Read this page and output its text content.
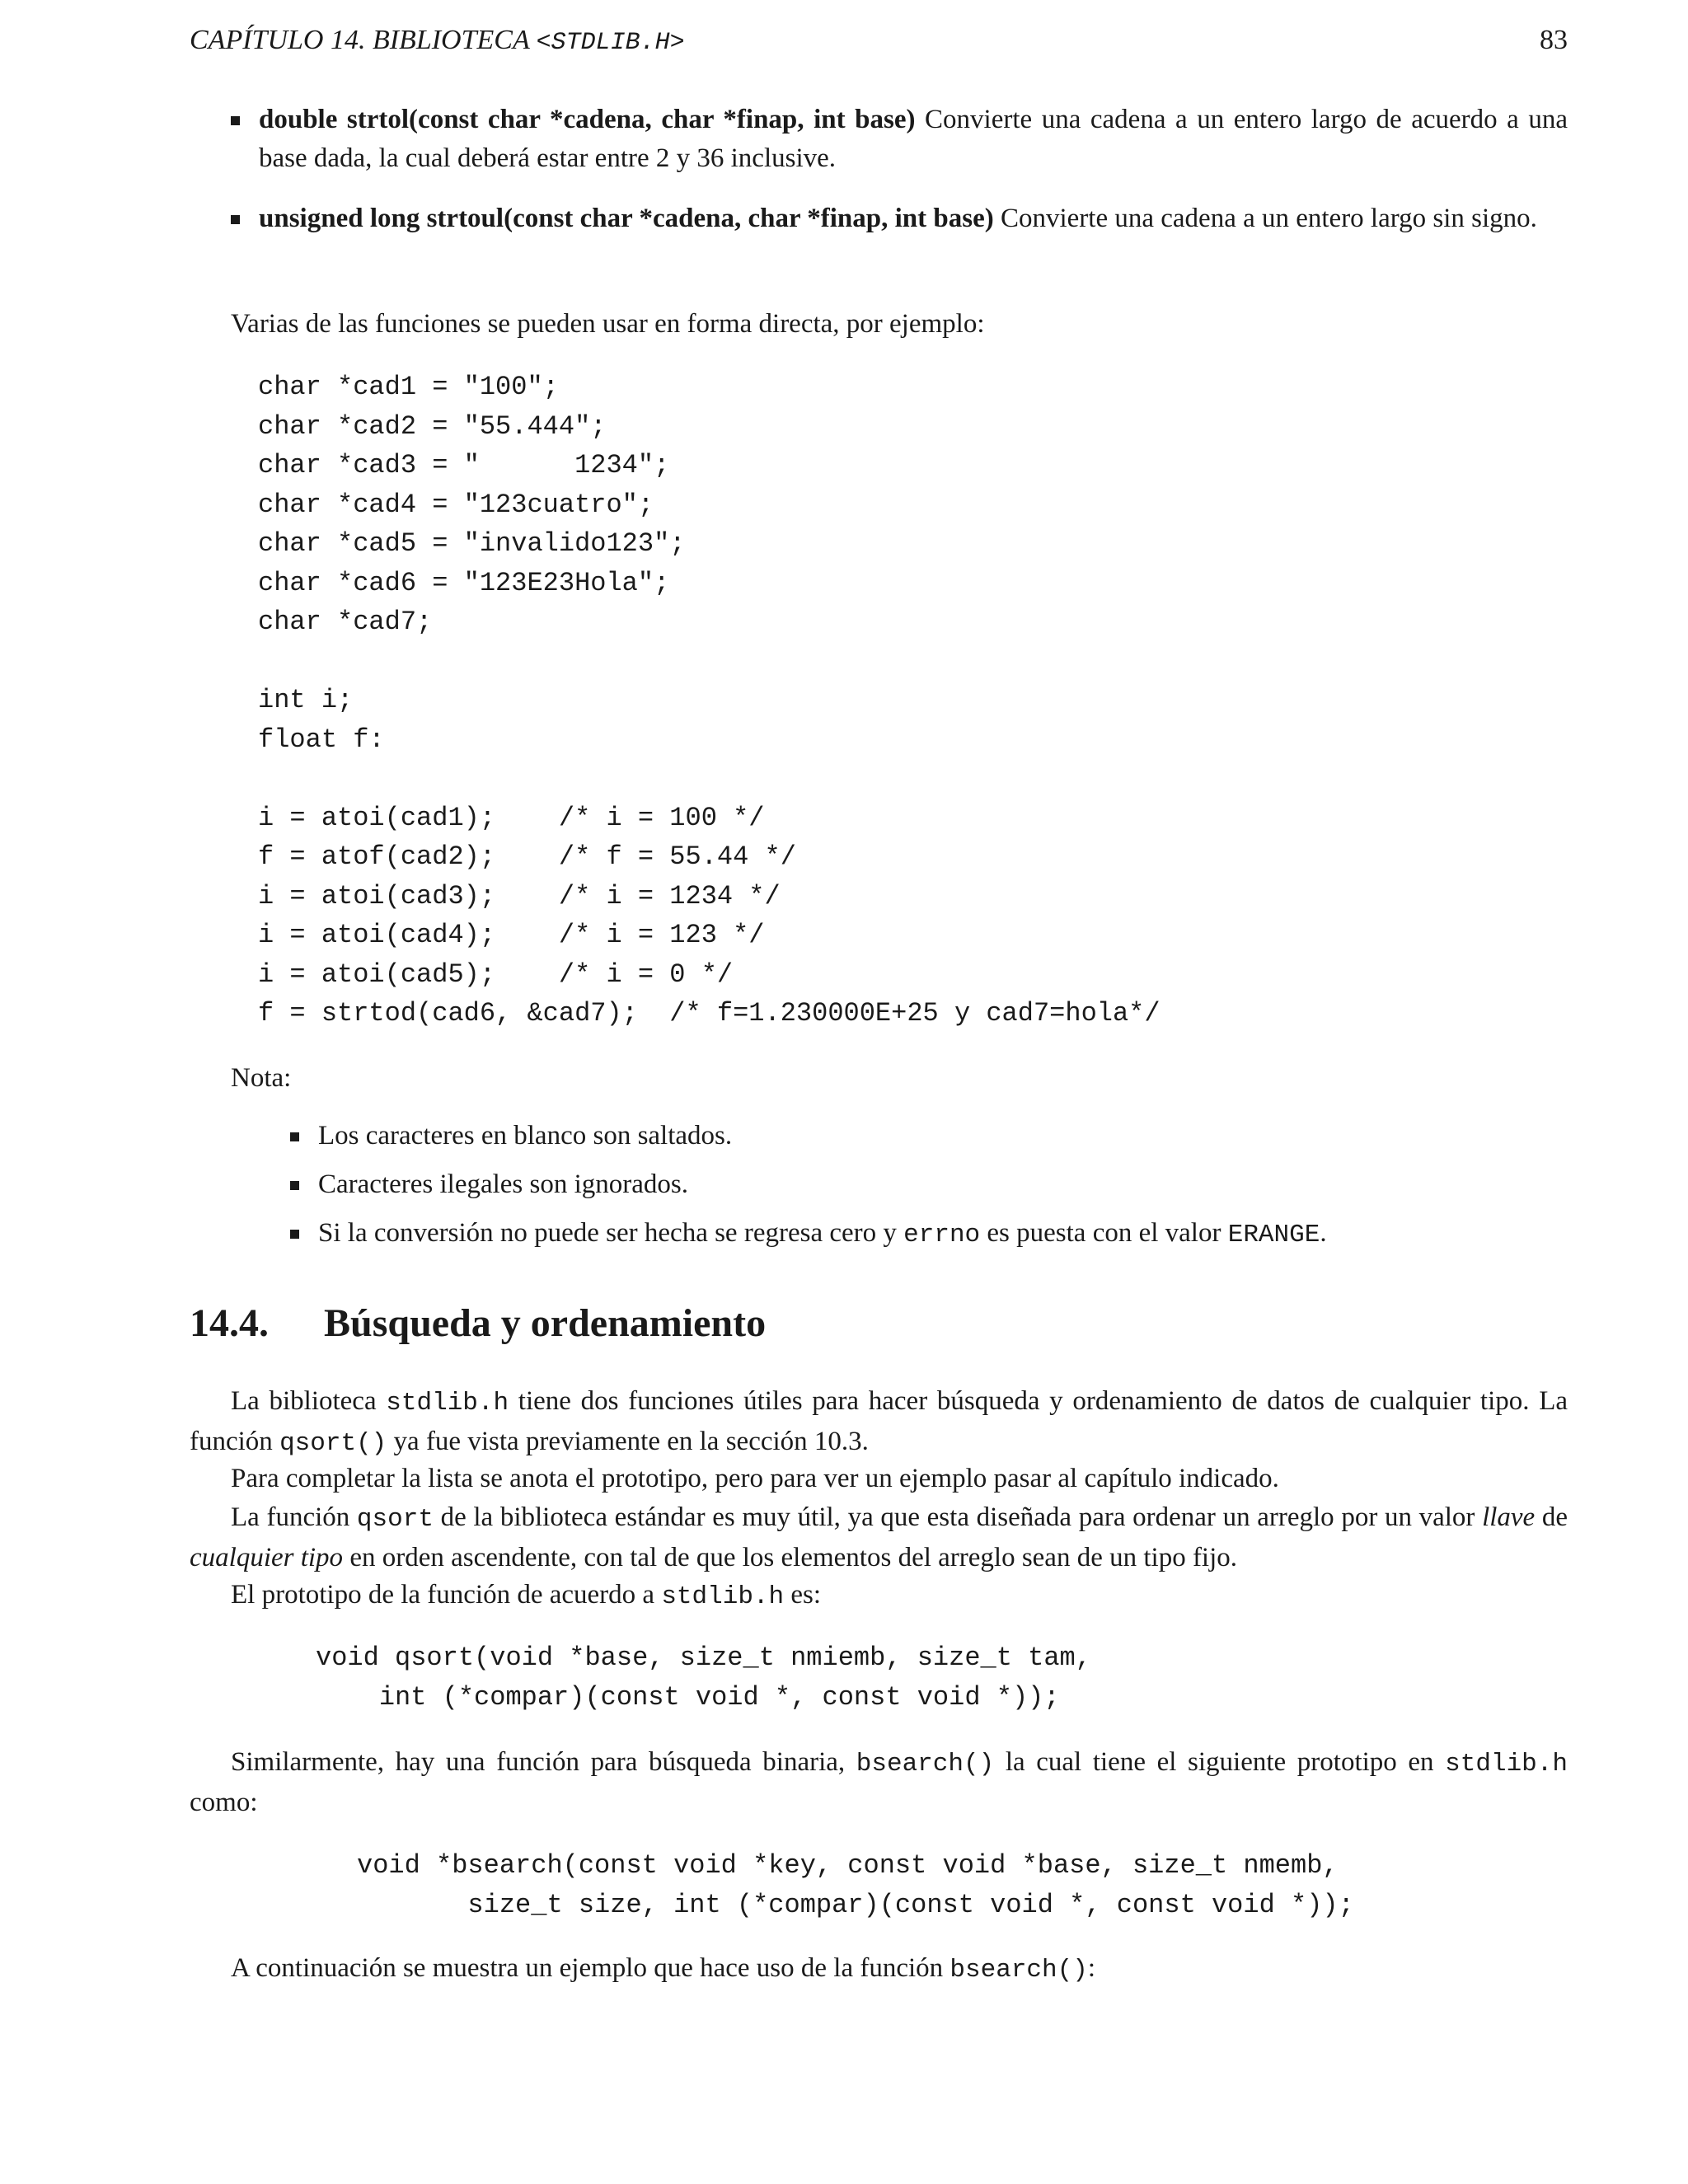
CAPÍTULO 14. BIBLIOTECA <STDLIB.H>	83
double strtol(const char *cadena, char *finap, int base) Convierte una cadena a un entero largo de acuerdo a una base dada, la cual deberá estar entre 2 y 36 inclusive.
unsigned long strtoul(const char *cadena, char *finap, int base) Convierte una cadena a un entero largo sin signo.
Varias de las funciones se pueden usar en forma directa, por ejemplo:
char *cad1 = "100";
char *cad2 = "55.444";
char *cad3 = "      1234";
char *cad4 = "123cuatro";
char *cad5 = "invalido123";
char *cad6 = "123E23Hola";
char *cad7;

int i;
float f:

i = atoi(cad1);    /* i = 100 */
f = atof(cad2);    /* f = 55.44 */
i = atoi(cad3);    /* i = 1234 */
i = atoi(cad4);    /* i = 123 */
i = atoi(cad5);    /* i = 0 */
f = strtod(cad6, &cad7);  /* f=1.230000E+25 y cad7=hola*/
Nota:
Los caracteres en blanco son saltados.
Caracteres ilegales son ignorados.
Si la conversión no puede ser hecha se regresa cero y errno es puesta con el valor ERANGE.
14.4. Búsqueda y ordenamiento
La biblioteca stdlib.h tiene dos funciones útiles para hacer búsqueda y ordenamiento de datos de cualquier tipo. La función qsort() ya fue vista previamente en la sección 10.3.
Para completar la lista se anota el prototipo, pero para ver un ejemplo pasar al capítulo indicado.
La función qsort de la biblioteca estándar es muy útil, ya que esta diseñada para ordenar un arreglo por un valor llave de cualquier tipo en orden ascendente, con tal de que los elementos del arreglo sean de un tipo fijo.
El prototipo de la función de acuerdo a stdlib.h es:
void qsort(void *base, size_t nmiemb, size_t tam,
int (*compar)(const void *, const void *));
Similarmente, hay una función para búsqueda binaria, bsearch() la cual tiene el siguiente prototipo en stdlib.h como:
void *bsearch(const void *key, const void *base, size_t nmemb,
size_t size, int (*compar)(const void *, const void *));
A continuación se muestra un ejemplo que hace uso de la función bsearch():
